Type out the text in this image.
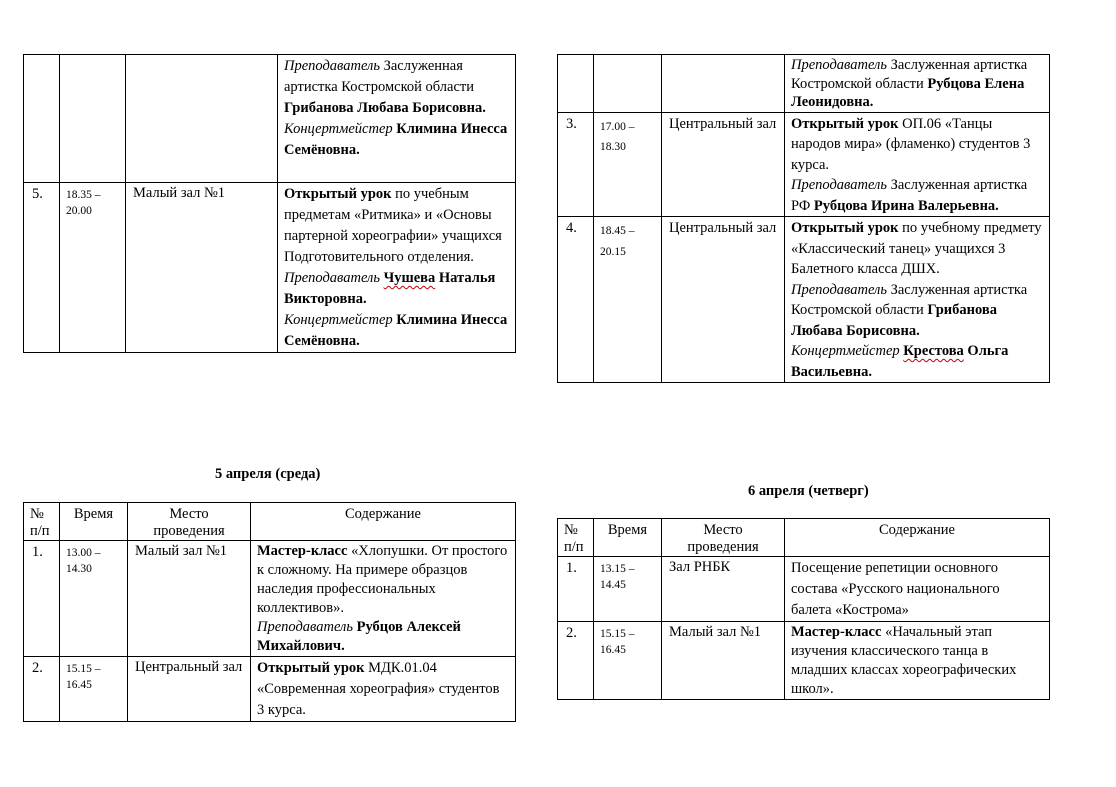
			Преподаватель Заслуженная артистка Костромской области Грибанова Любава Борисовна.
Концертмейстер Климина Инесса Семёновна.
5.	18.35 – 20.00	Малый зал №1	Открытый урок по учебным предметам «Ритмика» и «Основы партерной хореографии» учащихся Подготовительного отделения.
Преподаватель Чушева Наталья Викторовна.
Концертмейстер Климина Инесса Семёновна.
			Преподаватель Заслуженная артистка Костромской области Рубцова Елена Леонидовна.
3.	17.00 – 18.30	Центральный зал	Открытый урок ОП.06 «Танцы народов мира» (фламенко) студентов 3 курса.
Преподаватель Заслуженная артистка РФ Рубцова Ирина Валерьевна.
4.	18.45 – 20.15	Центральный зал	Открытый урок по учебному предмету «Классический танец» учащихся 3 Балетного класса ДШХ.
Преподаватель Заслуженная артистка Костромской области Грибанова Любава Борисовна.
Концертмейстер Крестова Ольга Васильевна.
5 апреля (среда)
№ п/п	Время	Место проведения	Содержание
1.	13.00 – 14.30	Малый зал №1	Мастер-класс «Хлопушки. От простого к сложному. На примере образцов наследия профессиональных коллективов».
Преподаватель Рубцов Алексей Михайлович.
2.	15.15 – 16.45	Центральный зал	Открытый урок МДК.01.04 «Современная хореография» студентов 3 курса.
6 апреля (четверг)
№ п/п	Время	Место проведения	Содержание
1.	13.15 – 14.45	Зал РНБК	Посещение репетиции основного состава «Русского национального балета «Кострома»
2.	15.15 – 16.45	Малый зал №1	Мастер-класс «Начальный этап изучения классического танца в младших классах хореографических школ».
